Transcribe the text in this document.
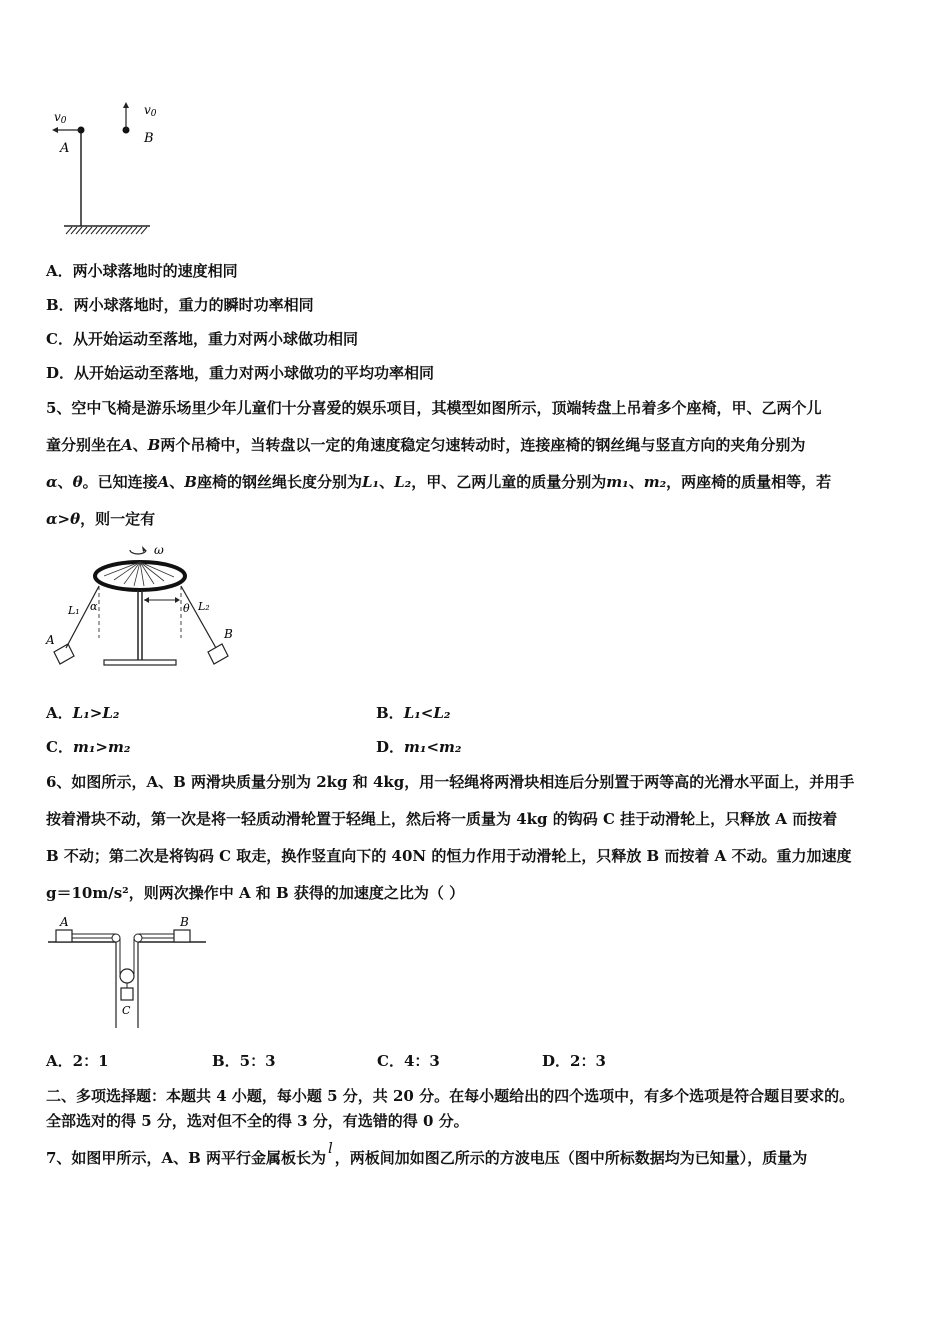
v0
A
v0
B
A．两小球落地时的速度相同
B．两小球落地时，重力的瞬时功率相同
C．从开始运动至落地，重力对两小球做功相同
D．从开始运动至落地，重力对两小球做功的平均功率相同
5、空中飞椅是游乐场里少年儿童们十分喜爱的娱乐项目，其模型如图所示，顶端转盘上吊着多个座椅，甲、乙两个儿
童分别坐在A、B两个吊椅中，当转盘以一定的角速度稳定匀速转动时，连接座椅的钢丝绳与竖直方向的夹角分别为
α、θ。已知连接A、B座椅的钢丝绳长度分别为L₁、L₂，甲、乙两儿童的质量分别为m₁、m₂，两座椅的质量相等，若
α>θ，则一定有
ω
α	θ
L₁	L₂
A	B
A．L₁>L₂	B．L₁<L₂
C．m₁>m₂	D．m₁<m₂
6、如图所示，A、B 两滑块质量分别为 2kg 和 4kg，用一轻绳将两滑块相连后分别置于两等高的光滑水平面上，并用手
按着滑块不动，第一次是将一轻质动滑轮置于轻绳上，然后将一质量为 4kg 的钩码 C 挂于动滑轮上，只释放 A 而按着
B 不动；第二次是将钩码 C 取走，换作竖直向下的 40N 的恒力作用于动滑轮上，只释放 B 而按着 A 不动。重力加速度
g＝10m/s²，则两次操作中 A 和 B 获得的加速度之比为（ ）
A	B
C
A．2：1	B．5：3	C．4：3	D．2：3
二、多项选择题：本题共 4 小题，每小题 5 分，共 20 分。在每小题给出的四个选项中，有多个选项是符合题目要求的。
全部选对的得 5 分，选对但不全的得 3 分，有选错的得 0 分。
7、如图甲所示，A、B 两平行金属板长为l，两板间加如图乙所示的方波电压（图中所标数据均为已知量），质量为
